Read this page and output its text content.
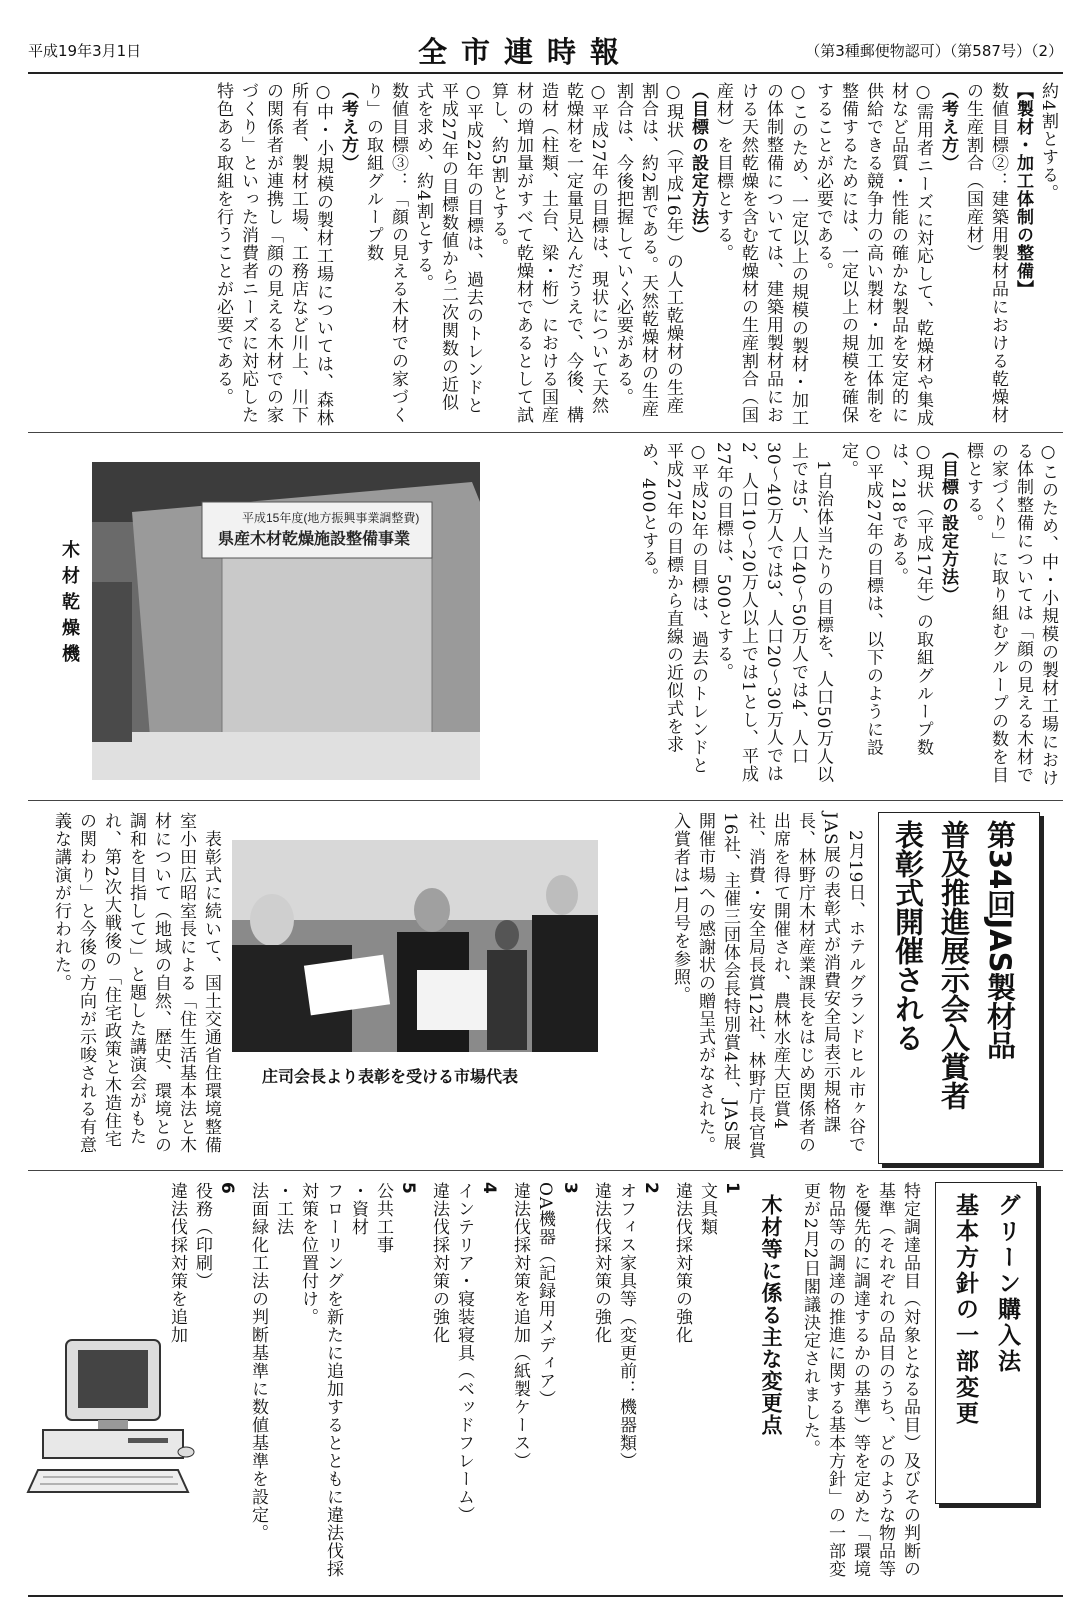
平成19年3月1日	全市連時報	（第3種郵便物認可）（第587号）（2）

約4割とする。

【製材・加工体制の整備】

数値目標②：建築用製材品における乾燥材の生産割合（国産材）

（考え方）

○需用者ニーズに対応して、乾燥材や集成材など品質・性能の確かな製品を安定的に供給できる競争力の高い製材・加工体制を整備するためには、一定以上の規模を確保することが必要である。

○このため、一定以上の規模の製材・加工の体制整備については、建築用製材品における天然乾燥を含む乾燥材の生産割合（国産材）を目標とする。

（目標の設定方法）

○現状（平成16年）の人工乾燥材の生産割合は、約2割である。天然乾燥材の生産割合は、今後把握していく必要がある。

○平成27年の目標は、現状について天然乾燥材を一定量見込んだうえで、今後、構造材（柱類、土台、梁・桁）における国産材の増加量がすべて乾燥材であるとして試算し、約5割とする。

○平成22年の目標は、過去のトレンドと平成27年の目標数値から二次関数の近似式を求め、約4割とする。

数値目標③：「顔の見える木材での家づくり」の取組グループ数

（考え方）

○中・小規模の製材工場については、森林所有者、製材工場、工務店など川上、川下の関係者が連携し「顔の見える木材での家づくり」といった消費者ニーズに対応した特色ある取組を行うことが必要である。

○このため、中・小規模の製材工場における体制整備については「顔の見える木材での家づくり」に取り組むグループの数を目標とする。

（目標の設定方法）

○現状（平成17年）の取組グループ数は、218である。

○平成27年の目標は、以下のように設定。

　1自治体当たりの目標を、人口50万人以上では5、人口40～50万人では4、人口30～40万人では3、人口20～30万人では2、人口10～20万人以上では1とし、平成27年の目標は、500とする。

○平成22年の目標は、過去のトレンドと平成27年の目標から直線の近似式を求め、400とする。

平成15年度(地方振興事業調整費)
県産木材乾燥施設整備事業
木材乾燥機
第34回JAS製材品
普及推進展示会入賞者
表彰式開催される

　2月19日、ホテルグランドヒル市ヶ谷でJAS展の表彰式が消費安全局表示規格課長、林野庁木材産業課長をはじめ関係者の出席を得て開催され、農林水産大臣賞4社、消費・安全局長賞12社、林野庁長官賞16社、主催三団体会長特別賞4社、JAS展開催市場への感謝状の贈呈式がなされた。入賞者は1月号を参照。

庄司会長より表彰を受ける市場代表

　表彰式に続いて、国土交通省住環境整備室小田広昭室長による「住生活基本法と木材について（地域の自然、歴史、環境との調和を目指して）」と題した講演会がもたれ、第2次大戦後の「住宅政策と木造住宅の関わり」と今後の方向が示唆される有意義な講演が行われた。

グリーン購入法
基本方針の一部変更

特定調達品目（対象となる品目）及びその判断の基準（それぞれの品目のうち、どのような物品等を優先的に調達するかの基準）等を定めた「環境物品等の調達の推進に関する基本方針」の一部変更が2月2日閣議決定されました。

木材等に係る主な変更点

1

文具類

違法伐採対策の強化

2

オフィス家具等（変更前：機器類）

違法伐採対策の強化

3

OA機器（記録用メディア）

違法伐採対策を追加（紙製ケース）

4

インテリア・寝装寝具（ベッドフレーム）

違法伐採対策の強化

5

公共工事

・資材

フローリングを新たに追加するとともに違法伐採対策を位置付け。

・工法

法面緑化工法の判断基準に数値基準を設定。

6

役務（印刷）

違法伐採対策を追加
